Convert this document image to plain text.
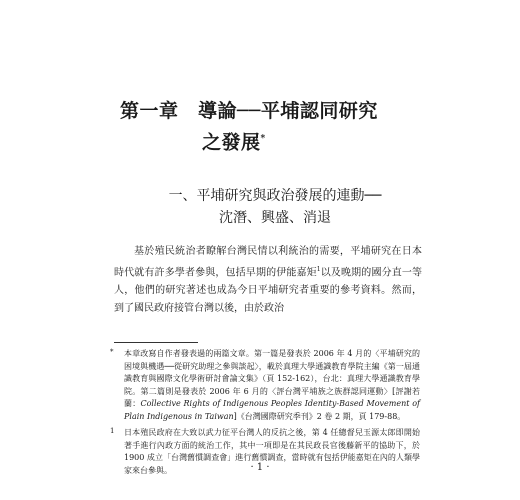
第一章　導論──平埔認同研究
之發展*
一、平埔研究與政治發展的連動──
沈潛、興盛、消退

基於殖民統治者瞭解台灣民情以利統治的需要，平埔研究在日本時代就有許多學者參與，包括早期的伊能嘉矩$^1$以及晚期的國分直一等人，他們的研究著述也成為今日平埔研究者重要的參考資料。然而，到了國民政府接管台灣以後，由於政治

* 本章改寫自作者發表過的兩篇文章。第一篇是發表於 2006 年 4 月的〈平埔研究的困境與機遇──從研究助理之參與談起〉，載於真理大學通識教育學院主編《第一屆通識教育與國際文化學術研討會論文集》（頁 152-162），台北：真理大學通識教育學院。第二篇則是發表於 2006 年 6 月的〈評台灣平埔族之族群認同運動〉[評謝若蘭：Collective Rights of Indigenous Peoples Identity-Based Movement of Plain Indigenous in Taiwan]《台灣國際研究季刊》2 卷 2 期，頁 179-88。
1 日本殖民政府在大致以武力征平台灣人的反抗之後，第 4 任總督兒玉源太郎即開始著手進行內政方面的統治工作，其中一項即是在其民政長官後藤新平的協助下，於 1900 成立「台灣舊慣調查會」進行舊慣調查，當時就有包括伊能嘉矩在內的人類學家來台參與。	· 1 ·
